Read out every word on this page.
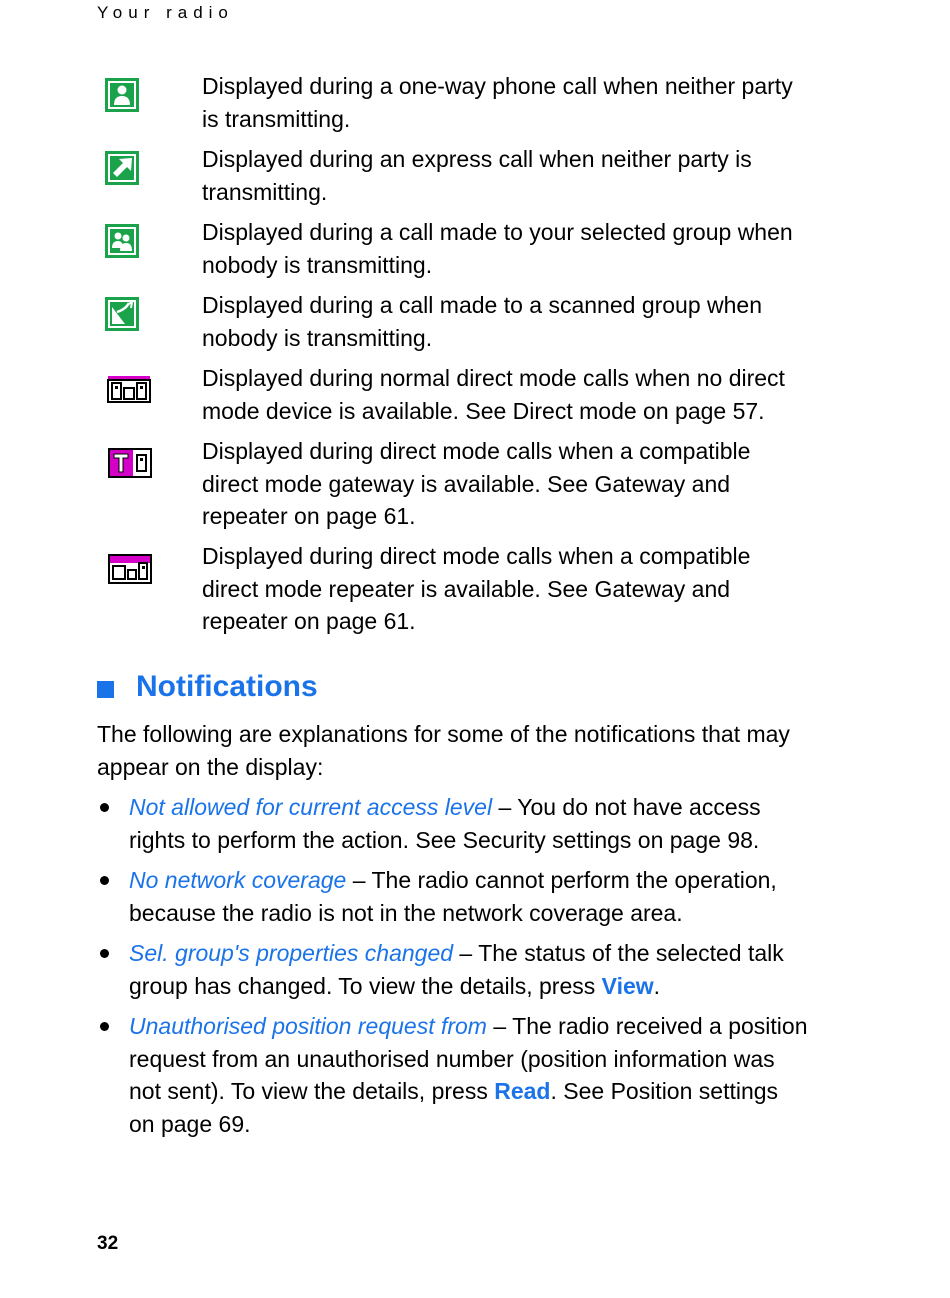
Your radio
Displayed during a one-way phone call when neither party is transmitting.
Displayed during an express call when neither party is transmitting.
Displayed during a call made to your selected group when nobody is transmitting.
Displayed during a call made to a scanned group when nobody is transmitting.
Displayed during normal direct mode calls when no direct mode device is available. See Direct mode on page 57.
Displayed during direct mode calls when a compatible direct mode gateway is available. See Gateway and repeater on page 61.
Displayed during direct mode calls when a compatible direct mode repeater is available. See Gateway and repeater on page 61.
Notifications
The following are explanations for some of the notifications that may appear on the display:
Not allowed for current access level – You do not have access rights to perform the action. See Security settings on page 98.
No network coverage – The radio cannot perform the operation, because the radio is not in the network coverage area.
Sel. group's properties changed – The status of the selected talk group has changed. To view the details, press View.
Unauthorised position request from – The radio received a position request from an unauthorised number (position information was not sent). To view the details, press Read. See Position settings on page 69.
32
